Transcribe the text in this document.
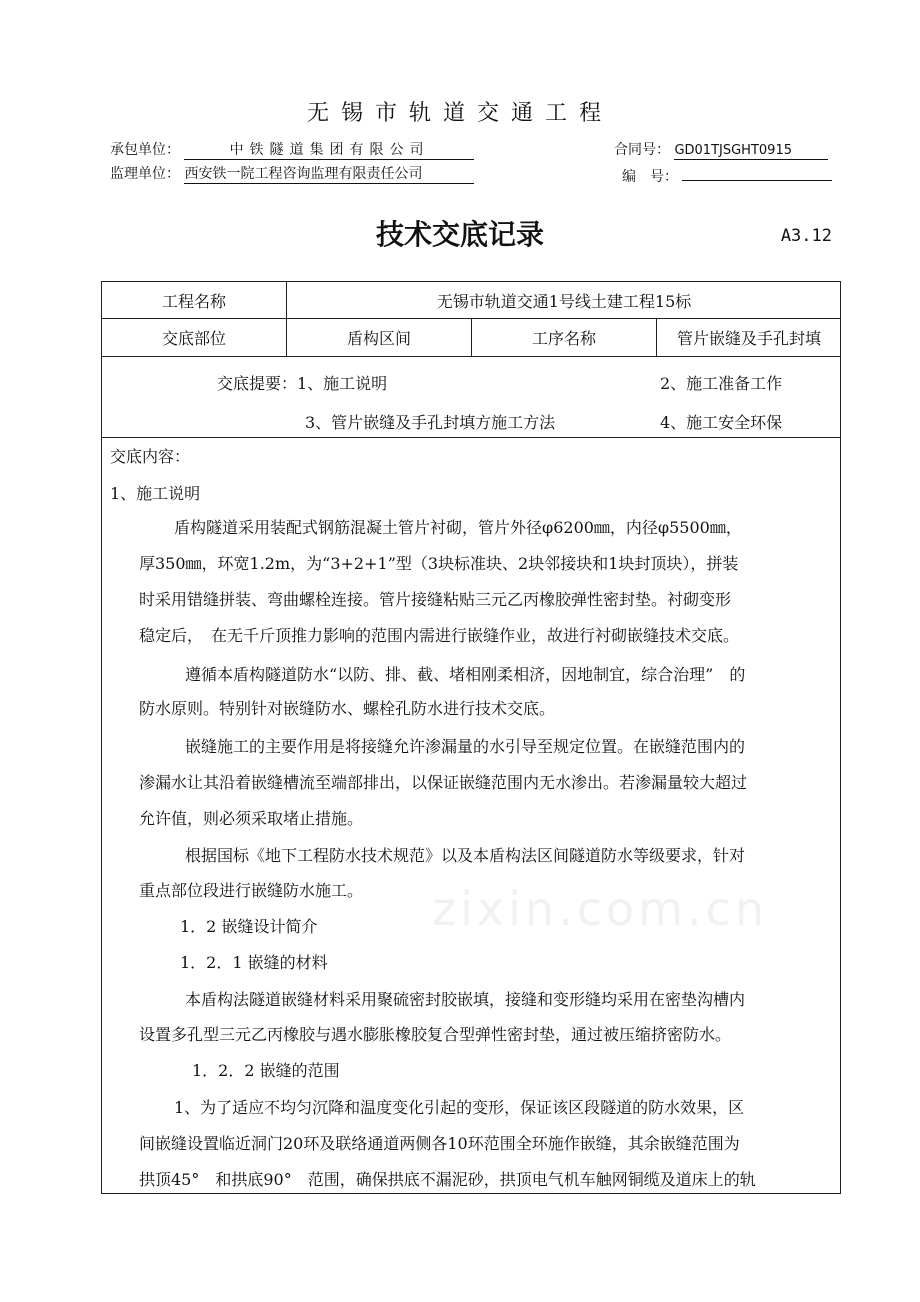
无锡市轨道交通工程
承包单位：	中铁隧道集团有限公司	合同号： GD01TJSGHT0915
监理单位： 西安铁一院工程咨询监理有限责任公司	编　号：
技术交底记录	A3.12
zixin.com.cn
工程名称	无锡市轨道交通1号线土建工程15标
交底部位	盾构区间	工序名称	管片嵌缝及手孔封填
交底提要：1、施工说明	2、施工准备工作
3、管片嵌缝及手孔封填方施工方法	4、施工安全环保
交底内容：
1、施工说明
盾构隧道采用装配式钢筋混凝土管片衬砌，管片外径φ6200㎜，内径φ5500㎜，
厚350㎜，环宽1.2m，为“3+2+1”型（3块标准块、2块邻接块和1块封顶块），拼装
时采用错缝拼装、弯曲螺栓连接。管片接缝粘贴三元乙丙橡胶弹性密封垫。衬砌变形
稳定后，　在无千斤顶推力影响的范围内需进行嵌缝作业，故进行衬砌嵌缝技术交底。
遵循本盾构隧道防水“以防、排、截、堵相刚柔相济，因地制宜，综合治理”　的
防水原则。特别针对嵌缝防水、螺栓孔防水进行技术交底。
嵌缝施工的主要作用是将接缝允许渗漏量的水引导至规定位置。在嵌缝范围内的
渗漏水让其沿着嵌缝槽流至端部排出，以保证嵌缝范围内无水渗出。若渗漏量较大超过
允许值，则必须采取堵止措施。
根据国标《地下工程防水技术规范》以及本盾构法区间隧道防水等级要求，针对
重点部位段进行嵌缝防水施工。
1．2 嵌缝设计简介
1．2．1 嵌缝的材料
本盾构法隧道嵌缝材料采用聚硫密封胶嵌填，接缝和变形缝均采用在密垫沟槽内
设置多孔型三元乙丙橡胶与遇水膨胀橡胶复合型弹性密封垫，通过被压缩挤密防水。
1．2．2 嵌缝的范围
1、为了适应不均匀沉降和温度变化引起的变形，保证该区段隧道的防水效果，区
间嵌缝设置临近洞门20环及联络通道两侧各10环范围全环施作嵌缝，其余嵌缝范围为
拱顶45°　和拱底90°　范围，确保拱底不漏泥砂，拱顶电气机车触网铜缆及道床上的轨
